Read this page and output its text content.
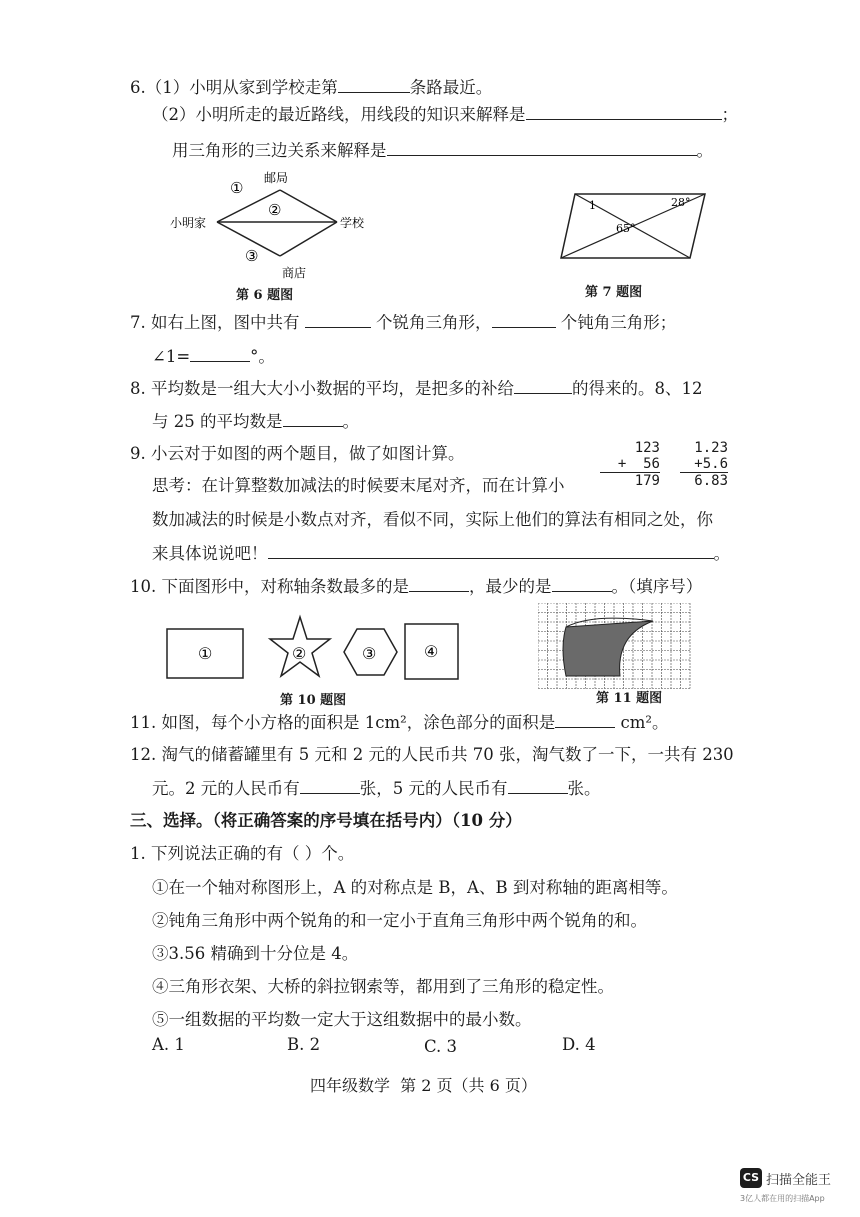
6.（1）小明从家到学校走第	条路最近。
（2）小明所走的最近路线，用线段的知识来解释是	；
用三角形的三边关系来解释是	。
邮局
小明家	学校
商店
①
②
③
第 6 题图
1	28°
65°
第 7 题图
7. 如右上图，图中共有	个锐角三角形，	个钝角三角形；
∠1=	°。
8. 平均数是一组大大小小数据的平均，是把多的补给	的得来的。8、12
与 25 的平均数是	。
9. 小云对于如图的两个题目，做了如图计算。
思考：在计算整数加减法的时候要末尾对齐，而在计算小
数加减法的时候是小数点对齐，看似不同，实际上他们的算法有相同之处，你
来具体说说吧！	。
123
+  56
179
1.23
+5.6
6.83
10. 下面图形中，对称轴条数最多的是	，最少的是	。（填序号）
①	②	③	④
第 10 题图	第 11 题图
11. 如图，每个小方格的面积是 1cm²，涂色部分的面积是	cm²。
12. 淘气的储蓄罐里有 5 元和 2 元的人民币共 70 张，淘气数了一下，一共有 230
元。2 元的人民币有	张，5 元的人民币有	张。
三、选择。（将正确答案的序号填在括号内）（10 分）
1. 下列说法正确的有（ ）个。
①在一个轴对称图形上，A 的对称点是 B，A、B 到对称轴的距离相等。
②钝角三角形中两个锐角的和一定小于直角三角形中两个锐角的和。
③3.56 精确到十分位是 4。
④三角形衣架、大桥的斜拉钢索等，都用到了三角形的稳定性。
⑤一组数据的平均数一定大于这组数据中的最小数。
A. 1	B. 2	C. 3	D. 4
四年级数学  第 2 页（共 6 页）
CS 扫描全能王
3亿人都在用的扫描App
